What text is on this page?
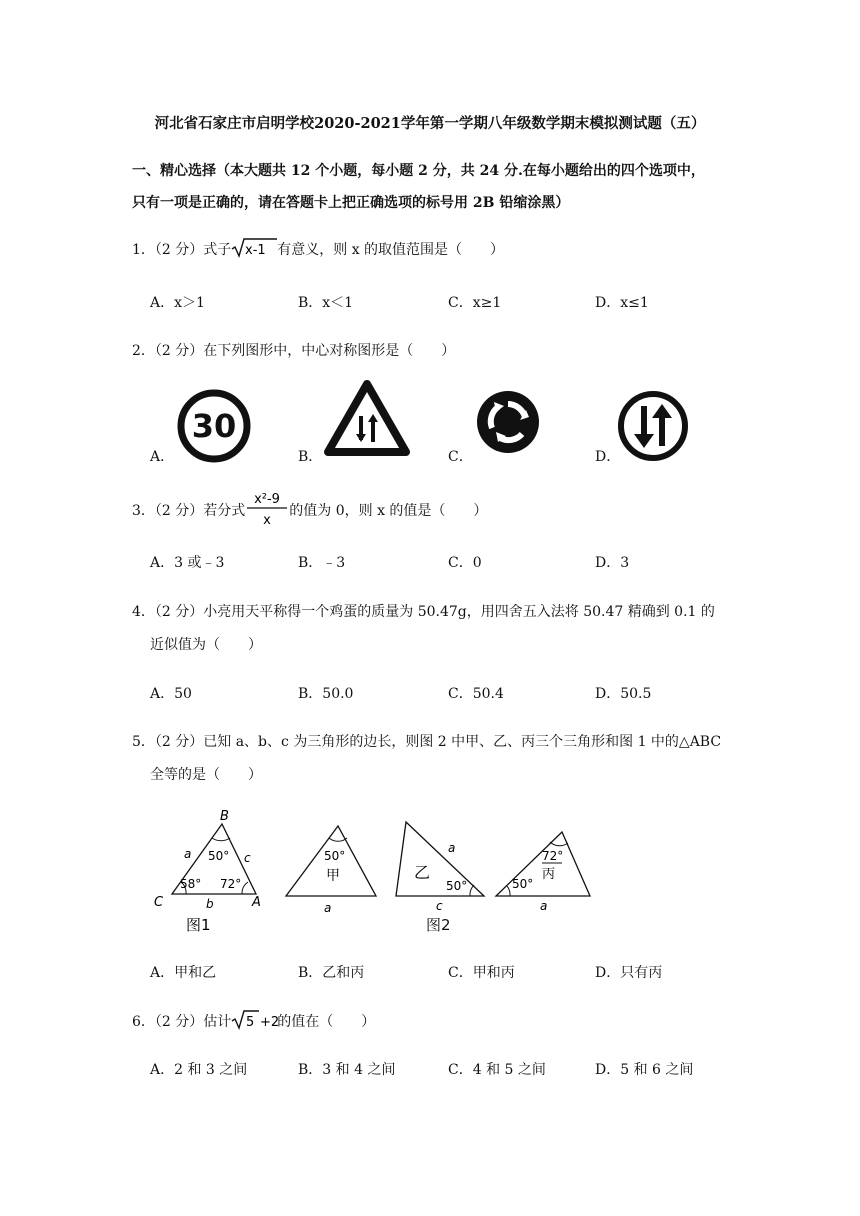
河北省石家庄市启明学校2020-2021学年第一学期八年级数学期末模拟测试题（五）
一、精心选择（本大题共 12 个小题，每小题 2 分，共 24 分.在每小题给出的四个选项中，
只有一项是正确的，请在答题卡上把正确选项的标号用 2B 铅缩涂黑）
1．（2 分）式子 x-1 有意义，则 x 的取值范围是（　　）
A．x＞1	B．x＜1	C．x≥1	D．x≤1
2．（2 分）在下列图形中，中心对称图形是（　　）
30
A．	B．	C．	D．
3．（2 分）若分式
x²-9
x
的值为 0，则 x 的值是（　　）
A．3 或﹣3	B．﹣3	C．0	D．3
4．（2 分）小亮用天平称得一个鸡蛋的质量为 50.47g，用四舍五入法将 50.47 精确到 0.1 的
近似值为（　　）
A．50	B．50.0	C．50.4	D．50.5
5．（2 分）已知 a、b、c 为三角形的边长，则图 2 中甲、乙、丙三个三角形和图 1 中的△ABC
全等的是（　　）
B
C	A
a	c
b
50°
58° 72°
图1
50°
甲
a
乙
50°
a
c
72°
丙
50°
a
图2
A．甲和乙	B．乙和丙	C．甲和丙	D．只有丙
6．（2 分）估计 5 +2
的值在（　　）
A．2 和 3 之间	B．3 和 4 之间	C．4 和 5 之间	D．5 和 6 之间
